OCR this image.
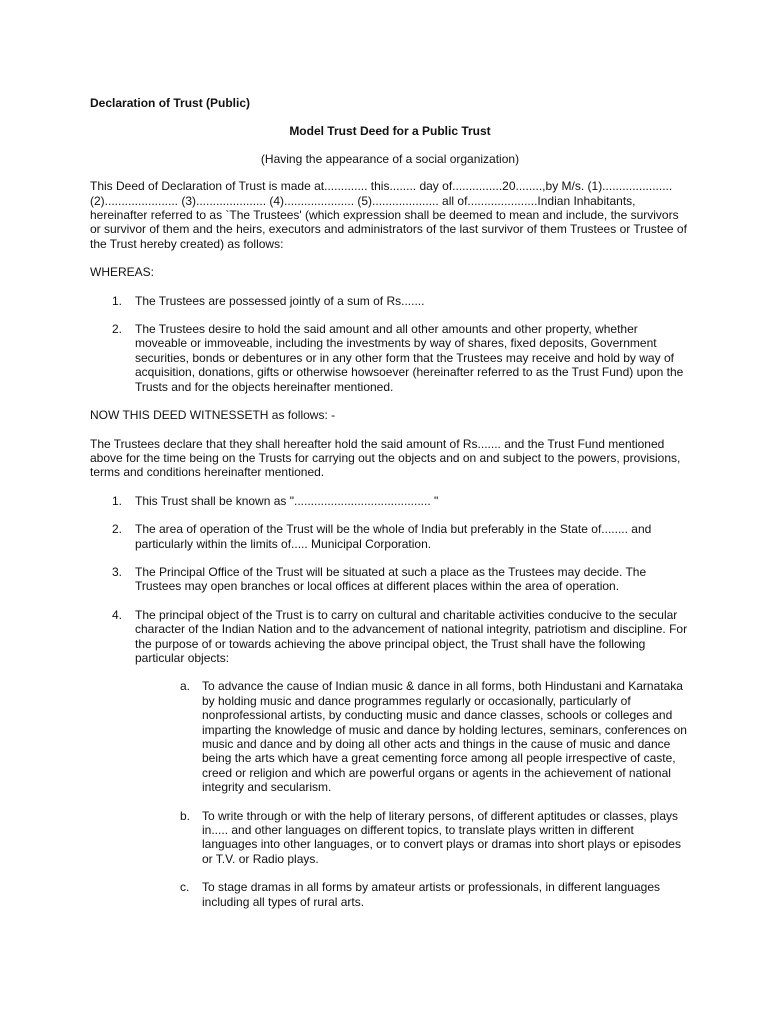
Declaration of Trust (Public)
Model Trust Deed for a Public Trust
(Having the appearance of a social organization)

This Deed of Declaration of Trust is made at............. this........ day of...............20........,by M/s. (1).....................(2)...................... (3)..................... (4)..................... (5).................... all of.....................Indian Inhabitants, hereinafter referred to as `The Trustees' (which expression shall be deemed to mean and include, the survivors or survivor of them and the heirs, executors and administrators of the last survivor of them Trustees or Trustee of the Trust hereby created) as follows:

WHEREAS:

1. The Trustees are possessed jointly of a sum of Rs.......
2. The Trustees desire to hold the said amount and all other amounts and other property, whether moveable or immoveable, including the investments by way of shares, fixed deposits, Government securities, bonds or debentures or in any other form that the Trustees may receive and hold by way of acquisition, donations, gifts or otherwise howsoever (hereinafter referred to as the Trust Fund) upon the Trusts and for the objects hereinafter mentioned.

NOW THIS DEED WITNESSETH as follows: -

The Trustees declare that they shall hereafter hold the said amount of Rs....... and the Trust Fund mentioned above for the time being on the Trusts for carrying out the objects and on and subject to the powers, provisions, terms and conditions hereinafter mentioned.

1. This Trust shall be known as "......................................... "
2. The area of operation of the Trust will be the whole of India but preferably in the State of........ and particularly within the limits of..... Municipal Corporation.
3. The Principal Office of the Trust will be situated at such a place as the Trustees may decide. The Trustees may open branches or local offices at different places within the area of operation.
4. The principal object of the Trust is to carry on cultural and charitable activities conducive to the secular character of the Indian Nation and to the advancement of national integrity, patriotism and discipline. For the purpose of or towards achieving the above principal object, the Trust shall have the following particular objects:
a. To advance the cause of Indian music & dance in all forms, both Hindustani and Karnataka by holding music and dance programmes regularly or occasionally, particularly of nonprofessional artists, by conducting music and dance classes, schools or colleges and imparting the knowledge of music and dance by holding lectures, seminars, conferences on music and dance and by doing all other acts and things in the cause of music and dance being the arts which have a great cementing force among all people irrespective of caste, creed or religion and which are powerful organs or agents in the achievement of national integrity and secularism.
b. To write through or with the help of literary persons, of different aptitudes or classes, plays in..... and other languages on different topics, to translate plays written in different languages into other languages, or to convert plays or dramas into short plays or episodes or T.V. or Radio plays.
c. To stage dramas in all forms by amateur artists or professionals, in different languages including all types of rural arts.
